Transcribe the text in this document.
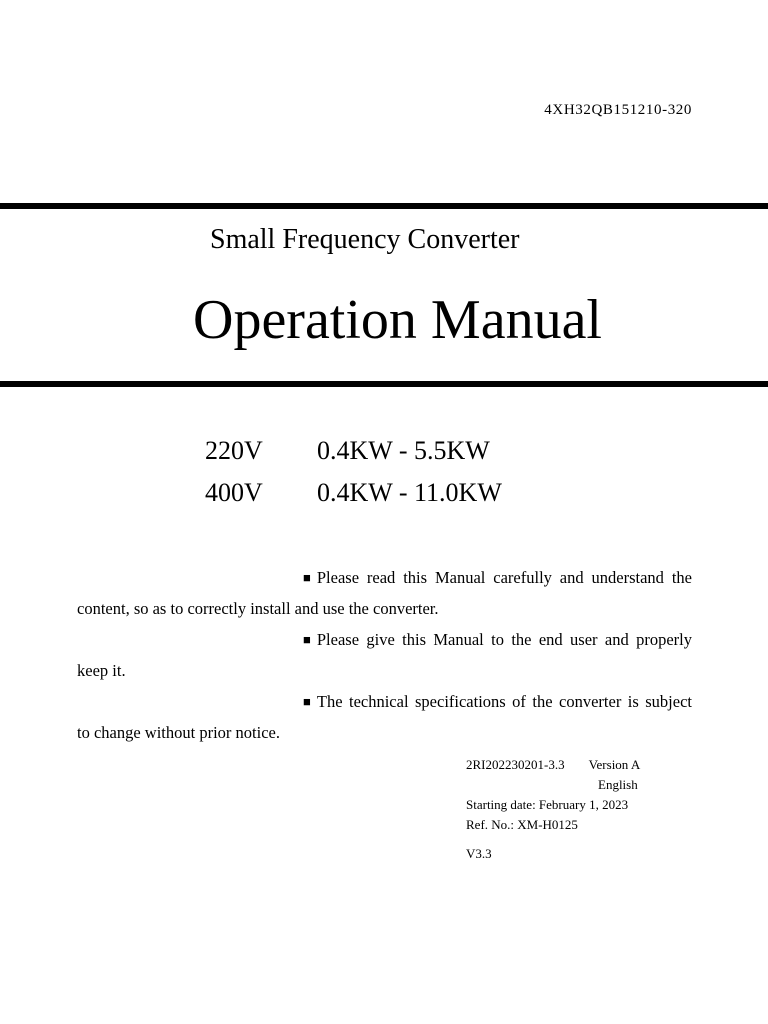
4XH32QB151210-320
Small Frequency Converter
Operation Manual
220V 0.4KW - 5.5KW
400V 0.4KW - 11.0KW

■ Please read this Manual carefully and understand the content, so as to correctly install and use the converter.

■ Please give this Manual to the end user and properly keep it.

■ The technical specifications of the converter is subject to change without prior notice.

2RI202230201-3.3 Version A
English
Starting date: February 1, 2023
Ref. No.: XM-H0125
V3.3
